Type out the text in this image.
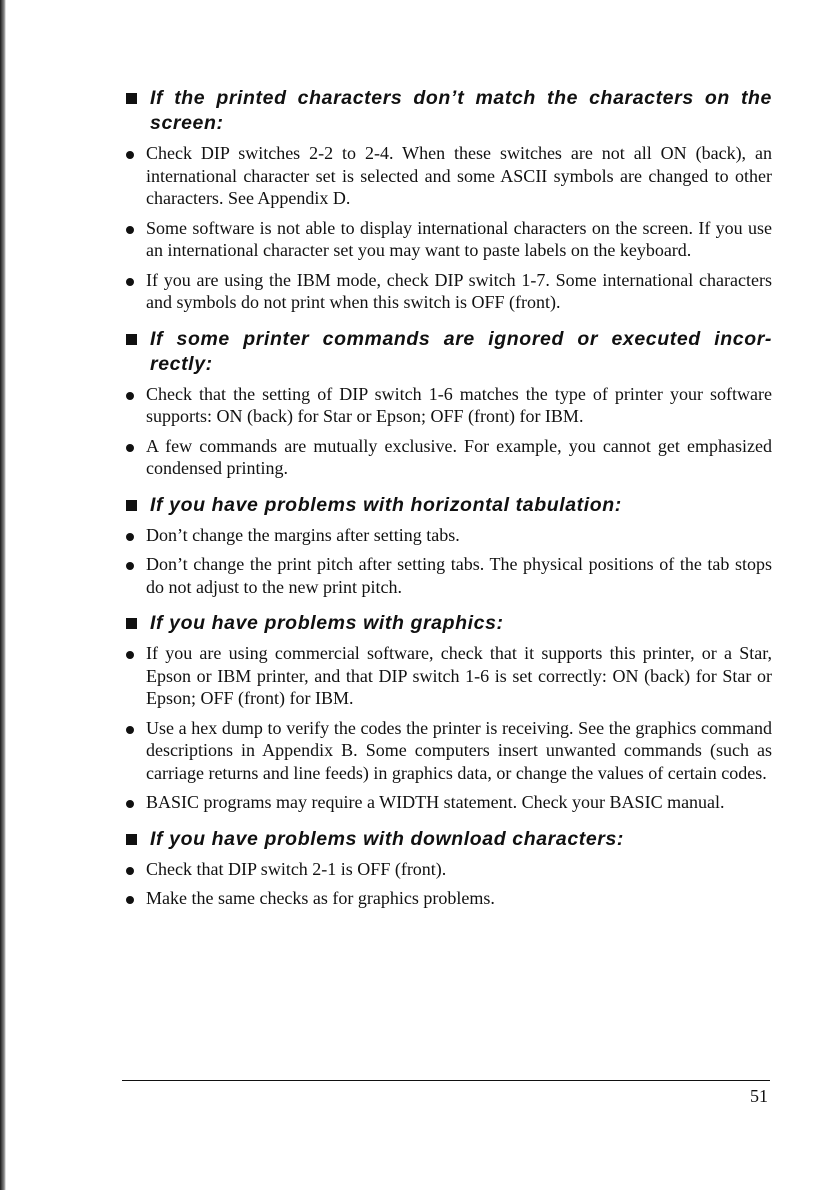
If the printed characters don’t match the characters on the screen:
Check DIP switches 2-2 to 2-4. When these switches are not all ON (back), an international character set is selected and some ASCII symbols are changed to other characters. See Appendix D.
Some software is not able to display international characters on the screen. If you use an international character set you may want to paste labels on the keyboard.
If you are using the IBM mode, check DIP switch 1-7. Some international characters and symbols do not print when this switch is OFF (front).
If some printer commands are ignored or executed incor-rectly:
Check that the setting of DIP switch 1-6 matches the type of printer your software supports: ON (back) for Star or Epson; OFF (front) for IBM.
A few commands are mutually exclusive. For example, you cannot get emphasized condensed printing.
If you have problems with horizontal tabulation:
Don’t change the margins after setting tabs.
Don’t change the print pitch after setting tabs. The physical positions of the tab stops do not adjust to the new print pitch.
If you have problems with graphics:
If you are using commercial software, check that it supports this printer, or a Star, Epson or IBM printer, and that DIP switch 1-6 is set correctly: ON (back) for Star or Epson; OFF (front) for IBM.
Use a hex dump to verify the codes the printer is receiving. See the graphics command descriptions in Appendix B. Some computers insert unwanted commands (such as carriage returns and line feeds) in graphics data, or change the values of certain codes.
BASIC programs may require a WIDTH statement. Check your BASIC manual.
If you have problems with download characters:
Check that DIP switch 2-1 is OFF (front).
Make the same checks as for graphics problems.
51
